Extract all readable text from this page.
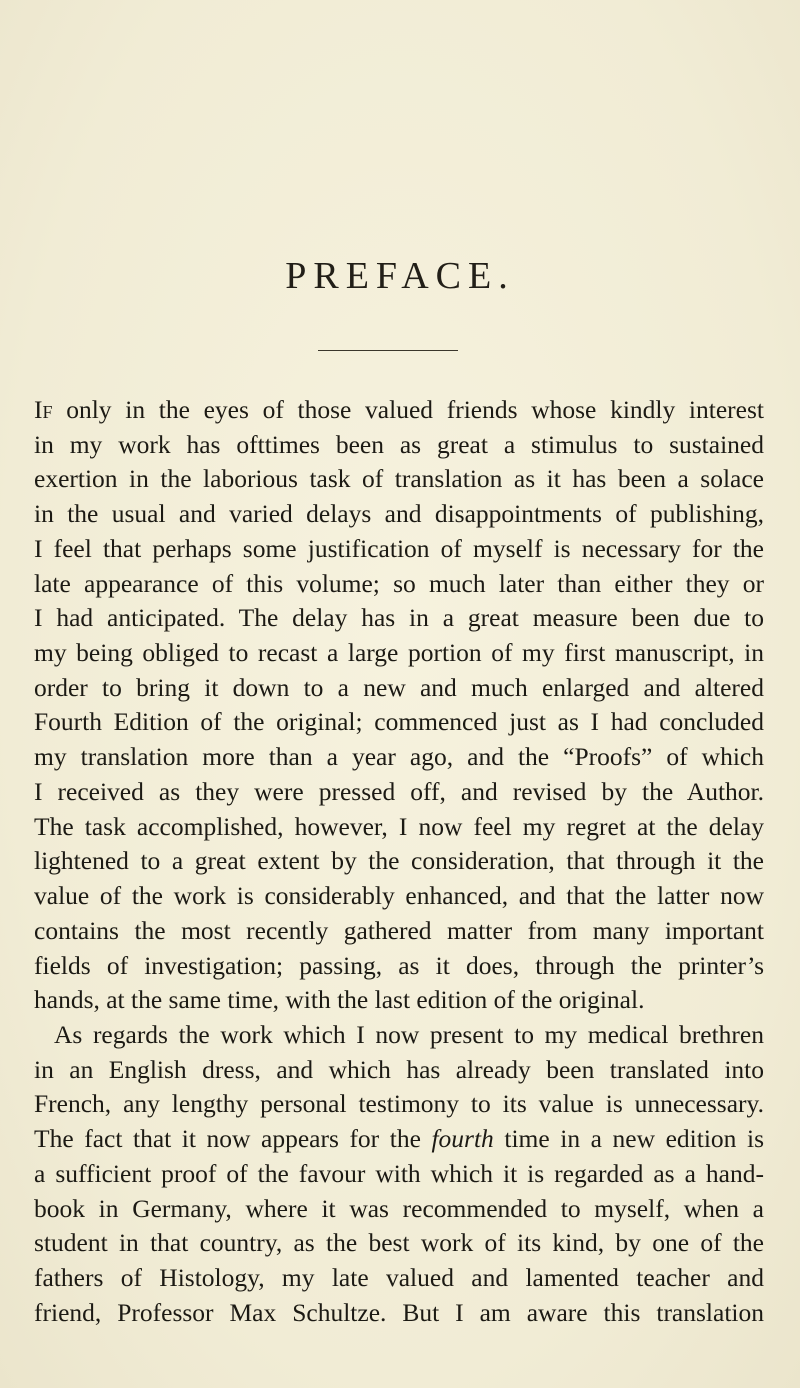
PREFACE.
If only in the eyes of those valued friends whose kindly interest
in my work has ofttimes been as great a stimulus to sustained
exertion in the laborious task of translation as it has been a solace
in the usual and varied delays and disappointments of publishing,
I feel that perhaps some justification of myself is necessary for the
late appearance of this volume; so much later than either they or
I had anticipated. The delay has in a great measure been due to
my being obliged to recast a large portion of my first manuscript, in
order to bring it down to a new and much enlarged and altered
Fourth Edition of the original; commenced just as I had concluded
my translation more than a year ago, and the “Proofs” of which
I received as they were pressed off, and revised by the Author.
The task accomplished, however, I now feel my regret at the delay
lightened to a great extent by the consideration, that through it the
value of the work is considerably enhanced, and that the latter now
contains the most recently gathered matter from many important
fields of investigation; passing, as it does, through the printer’s
hands, at the same time, with the last edition of the original.
As regards the work which I now present to my medical brethren
in an English dress, and which has already been translated into
French, any lengthy personal testimony to its value is unnecessary.
The fact that it now appears for the fourth time in a new edition is
a sufficient proof of the favour with which it is regarded as a hand-
book in Germany, where it was recommended to myself, when a
student in that country, as the best work of its kind, by one of the
fathers of Histology, my late valued and lamented teacher and
friend, Professor Max Schultze. But I am aware this translation
